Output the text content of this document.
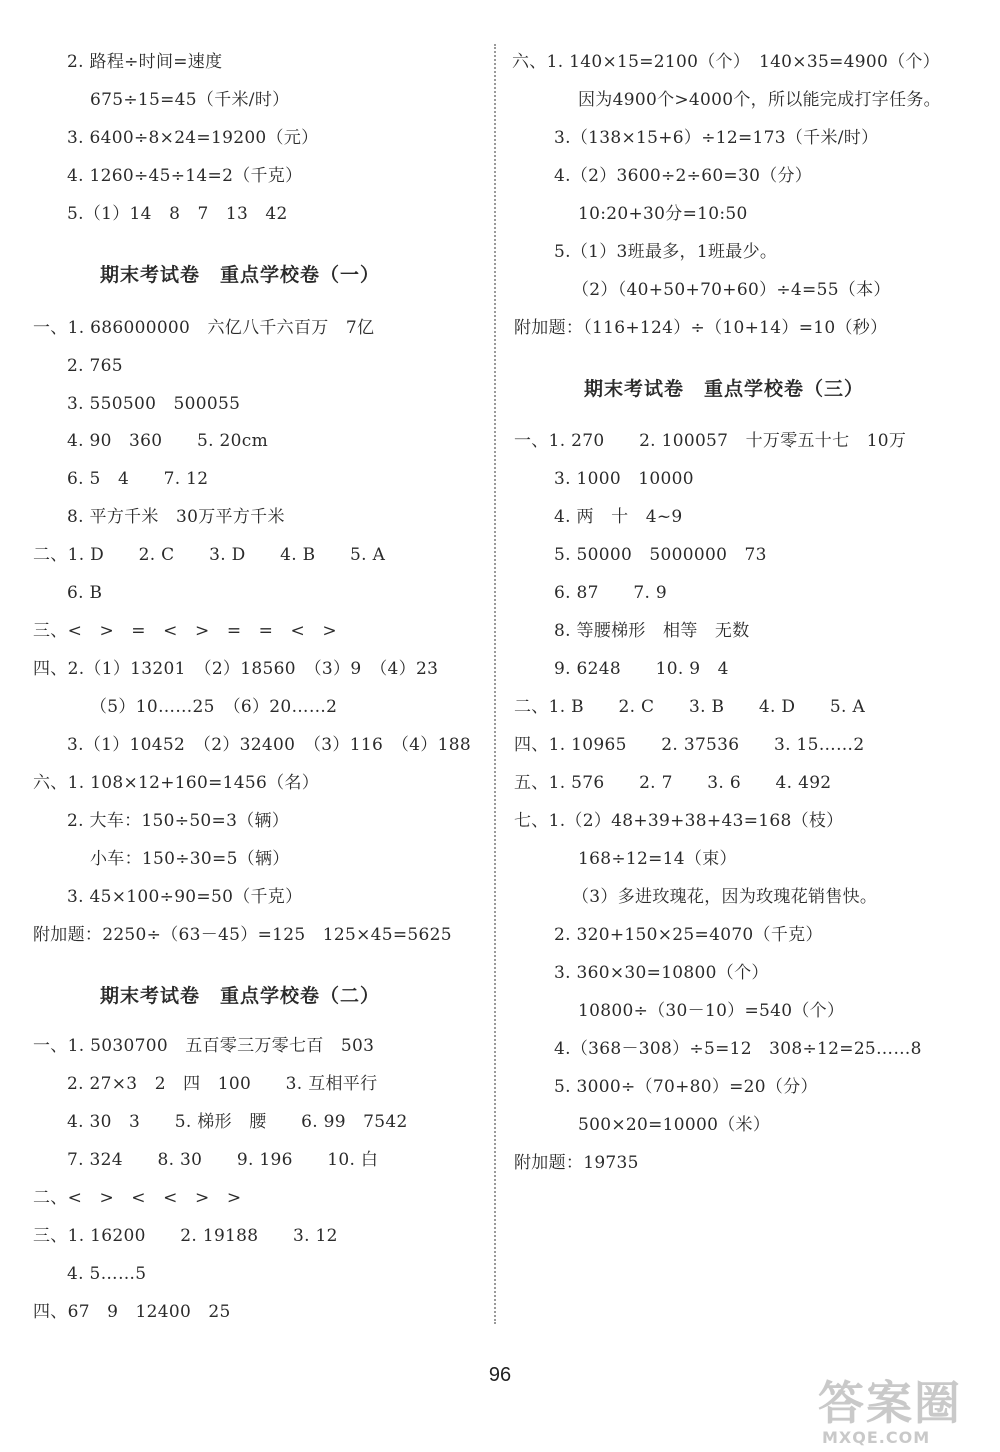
2. 路程÷时间=速度
675÷15=45（千米/时）
3. 6400÷8×24=19200（元）
4. 1260÷45÷14=2（千克）
5.（1）14　8　7　13　42
期末考试卷　重点学校卷（一）
一、1. 686000000　六亿八千六百万　7亿
2. 765
3. 550500　500055
4. 90　360　　5. 20cm
6. 5　4　　7. 12
8. 平方千米　30万平方千米
二、1. D　　2. C　　3. D　　4. B　　5. A
6. B
三、<　>　=　<　>　=　=　<　>
四、2.（1）13201　（2）18560　（3）9　（4）23
（5）10……25　（6）20……2
3.（1）10452　（2）32400　（3）116　（4）188
六、1. 108×12+160=1456（名）
2. 大车：150÷50=3（辆）
小车：150÷30=5（辆）
3. 45×100÷90=50（千克）
附加题：2250÷（63－45）=125　125×45=5625
期末考试卷　重点学校卷（二）
一、1. 5030700　五百零三万零七百　503
2. 27×3　2　四　100　　3. 互相平行
4. 30　3　　5. 梯形　腰　　6. 99　7542
7. 324　　8. 30　　9. 196　　10. 白
二、<　>　<　<　>　>
三、1. 16200　　2. 19188　　3. 12
4. 5……5
四、67　9　12400　25
六、1. 140×15=2100（个）　140×35=4900（个）
因为4900个>4000个，所以能完成打字任务。
3.（138×15+6）÷12=173（千米/时）
4.（2）3600÷2÷60=30（分）
10:20+30分=10:50
5.（1）3班最多，1班最少。
（2）（40+50+70+60）÷4=55（本）
附加题：（116+124）÷（10+14）=10（秒）
期末考试卷　重点学校卷（三）
一、1. 270　　2. 100057　十万零五十七　10万
3. 1000　10000
4. 两　十　4~9
5. 50000　5000000　73
6. 87　　7. 9
8. 等腰梯形　相等　无数
9. 6248　　10. 9　4
二、1. B　　2. C　　3. B　　4. D　　5. A
四、1. 10965　　2. 37536　　3. 15……2
五、1. 576　　2. 7　　3. 6　　4. 492
七、1.（2）48+39+38+43=168（枝）
168÷12=14（束）
（3）多进玫瑰花，因为玫瑰花销售快。
2. 320+150×25=4070（千克）
3. 360×30=10800（个）
10800÷（30－10）=540（个）
4.（368－308）÷5=12　308÷12=25……8
5. 3000÷（70+80）=20（分）
500×20=10000（米）
附加题：19735
96
答案圈
MXQE.COM
